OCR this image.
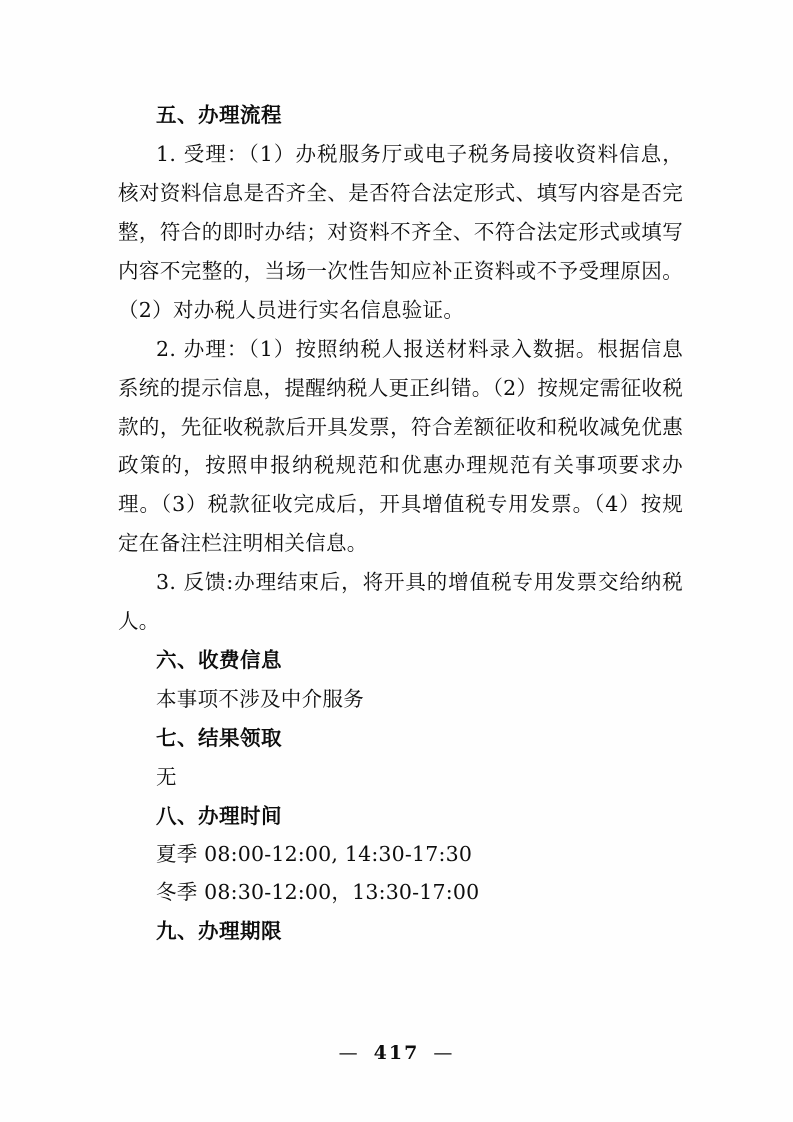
五、办理流程

1. 受理：（1）办税服务厅或电子税务局接收资料信息，核对资料信息是否齐全、是否符合法定形式、填写内容是否完整，符合的即时办结；对资料不齐全、不符合法定形式或填写内容不完整的，当场一次性告知应补正资料或不予受理原因。（2）对办税人员进行实名信息验证。

2. 办理：（1）按照纳税人报送材料录入数据。根据信息系统的提示信息，提醒纳税人更正纠错。（2）按规定需征收税款的，先征收税款后开具发票，符合差额征收和税收减免优惠政策的，按照申报纳税规范和优惠办理规范有关事项要求办理。（3）税款征收完成后，开具增值税专用发票。（4）按规定在备注栏注明相关信息。

3. 反馈:办理结束后，将开具的增值税专用发票交给纳税人。

六、收费信息

本事项不涉及中介服务

七、结果领取

无

八、办理时间

夏季 08:00-12:00, 14:30-17:30

冬季 08:30-12:00，13:30-17:00

九、办理期限

— 417 —
